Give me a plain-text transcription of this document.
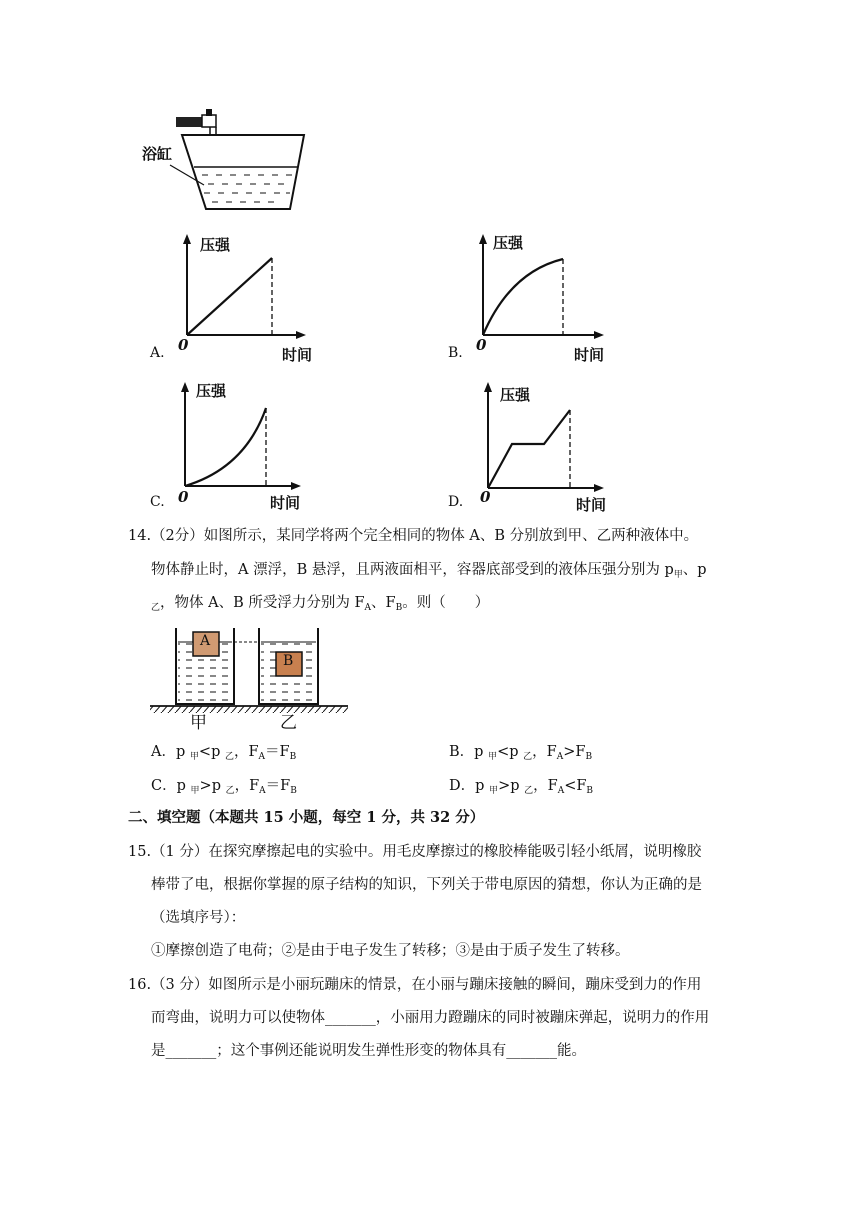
浴缸
压强
0
时间
A.
压强
0
时间
B.
压强
0	时间
C.
压强
0	时间
D.
14.（2分）如图所示，某同学将两个完全相同的物体 A、B 分别放到甲、乙两种液体中。
物体静止时，A 漂浮，B 悬浮，且两液面相平，容器底部受到的液体压强分别为 $p_甲$、p
$_乙$，物体 A、B 所受浮力分别为 $F_A$、$F_B$。则（　　）
A
B
甲	乙
A．p $_甲$<p $_乙$，$F_A=F_B$	B．p $_甲$<p $_乙$，$F_A>F_B$
C．p $_甲$>p $_乙$，$F_A=F_B$	D．p $_甲$>p $_乙$，$F_A<F_B$
二、填空题（本题共 15 小题，每空 1 分，共 32 分）
15.（1 分）在探究摩擦起电的实验中。用毛皮摩擦过的橡胶棒能吸引轻小纸屑，说明橡胶
棒带了电，根据你掌握的原子结构的知识，下列关于带电原因的猜想，你认为正确的是
（选填序号）：
①摩擦创造了电荷；②是由于电子发生了转移；③是由于质子发生了转移。
16.（3 分）如图所示是小丽玩蹦床的情景，在小丽与蹦床接触的瞬间，蹦床受到力的作用
而弯曲，说明力可以使物体_______，小丽用力蹬蹦床的同时被蹦床弹起，说明力的作用
是_______；这个事例还能说明发生弹性形变的物体具有_______能。
